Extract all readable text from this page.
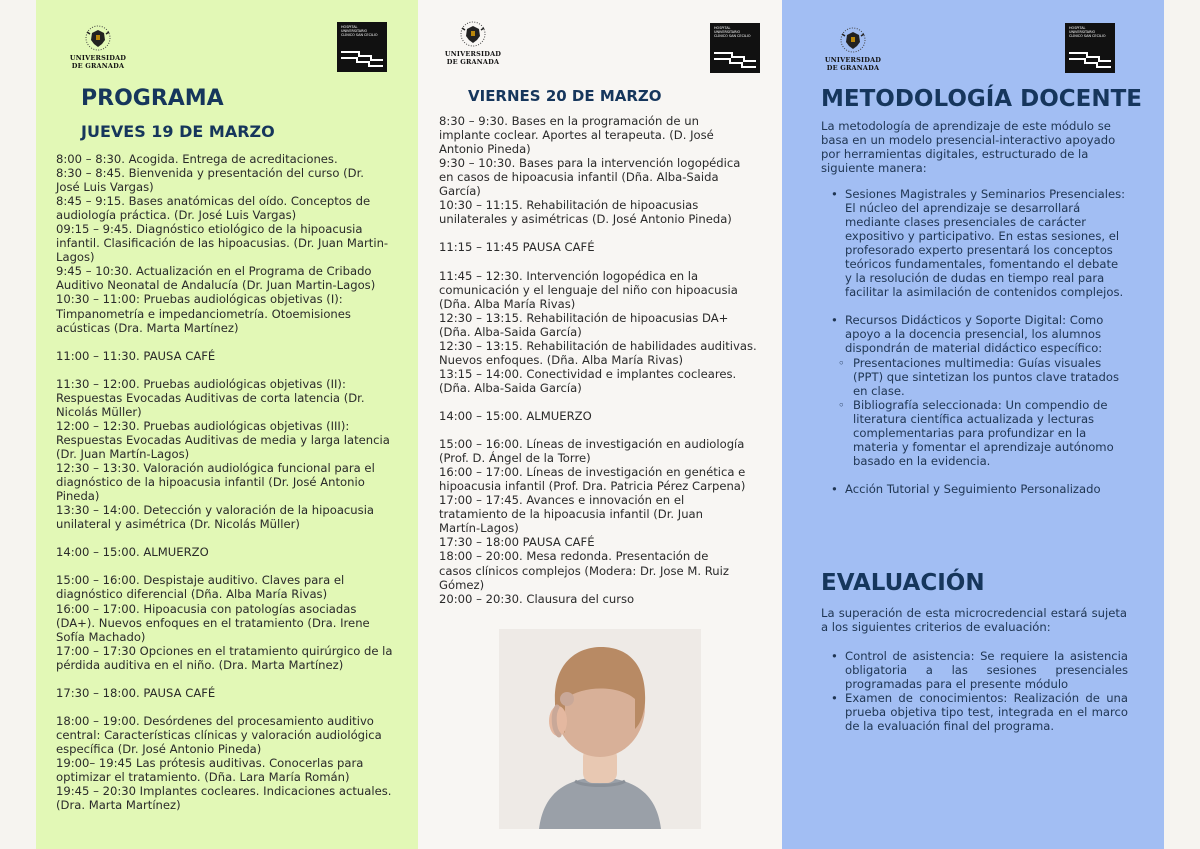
UNIVERSIDAD
DE GRANADA
HOSPITAL
UNIVERSITARIO
CLÍNICO SAN CECILIO
UNIVERSIDAD
DE GRANADA
HOSPITAL
UNIVERSITARIO
CLÍNICO SAN CECILIO
UNIVERSIDAD
DE GRANADA
HOSPITAL
UNIVERSITARIO
CLÍNICO SAN CECILIO
PROGRAMA
JUEVES 19 DE MARZO
8:00 – 8:30. Acogida. Entrega de acreditaciones.
8:30 – 8:45. Bienvenida y presentación del curso (Dr.
José Luis Vargas)
8:45 – 9:15. Bases anatómicas del oído. Conceptos de
audiología práctica. (Dr. José Luis Vargas)
09:15 – 9:45. Diagnóstico etiológico de la hipoacusia
infantil. Clasificación de las hipoacusias. (Dr. Juan Martin-
Lagos)
9:45 – 10:30. Actualización en el Programa de Cribado
Auditivo Neonatal de Andalucía (Dr. Juan Martin-Lagos)
10:30 – 11:00: Pruebas audiológicas objetivas (I):
Timpanometría e impedanciometría. Otoemisiones
acústicas (Dra. Marta Martínez)
11:00 – 11:30. PAUSA CAFÉ
11:30 – 12:00. Pruebas audiológicas objetivas (II):
Respuestas Evocadas Auditivas de corta latencia (Dr.
Nicolás Müller)
12:00 – 12:30. Pruebas audiológicas objetivas (III):
Respuestas Evocadas Auditivas de media y larga latencia
(Dr. Juan Martín-Lagos)
12:30 – 13:30. Valoración audiológica funcional para el
diagnóstico de la hipoacusia infantil (Dr. José Antonio
Pineda)
13:30 – 14:00. Detección y valoración de la hipoacusia
unilateral y asimétrica (Dr. Nicolás Müller)
14:00 – 15:00. ALMUERZO
15:00 – 16:00. Despistaje auditivo. Claves para el
diagnóstico diferencial (Dña. Alba María Rivas)
16:00 – 17:00. Hipoacusia con patologías asociadas
(DA+). Nuevos enfoques en el tratamiento (Dra. Irene
Sofía Machado)
17:00 – 17:30 Opciones en el tratamiento quirúrgico de la
pérdida auditiva en el niño. (Dra. Marta Martínez)
17:30 – 18:00. PAUSA CAFÉ
18:00 – 19:00. Desórdenes del procesamiento auditivo
central: Características clínicas y valoración audiológica
específica (Dr. José Antonio Pineda)
19:00– 19:45 Las prótesis auditivas. Conocerlas para
optimizar el tratamiento. (Dña. Lara María Román)
19:45 – 20:30 Implantes cocleares. Indicaciones actuales.
(Dra. Marta Martínez)
VIERNES 20 DE MARZO
8:30 – 9:30. Bases en la programación de un
implante coclear. Aportes al terapeuta. (D. José
Antonio Pineda)
9:30 – 10:30. Bases para la intervención logopédica
en casos de hipoacusia infantil (Dña. Alba-Saida
García)
10:30 – 11:15. Rehabilitación de hipoacusias
unilaterales y asimétricas (D. José Antonio Pineda)
11:15 – 11:45 PAUSA CAFÉ
11:45 – 12:30. Intervención logopédica en la
comunicación y el lenguaje del niño con hipoacusia
(Dña. Alba María Rivas)
12:30 – 13:15. Rehabilitación de hipoacusias DA+
(Dña. Alba-Saida García)
12:30 – 13:15. Rehabilitación de habilidades auditivas.
Nuevos enfoques. (Dña. Alba María Rivas)
13:15 – 14:00. Conectividad e implantes cocleares.
(Dña. Alba-Saida García)
14:00 – 15:00. ALMUERZO
15:00 – 16:00. Líneas de investigación en audiología
(Prof. D. Ángel de la Torre)
16:00 – 17:00. Líneas de investigación en genética e
hipoacusia infantil (Prof. Dra. Patricia Pérez Carpena)
17:00 – 17:45. Avances e innovación en el
tratamiento de la hipoacusia infantil (Dr. Juan
Martín-Lagos)
17:30 – 18:00 PAUSA CAFÉ
18:00 – 20:00. Mesa redonda. Presentación de
casos clínicos complejos (Modera: Dr. Jose M. Ruiz
Gómez)
20:00 – 20:30. Clausura del curso
METODOLOGÍA DOCENTE
La metodología de aprendizaje de este módulo se basa en un modelo presencial-interactivo apoyado por herramientas digitales, estructurado de la siguiente manera:
• Sesiones Magistrales y Seminarios Presenciales: El núcleo del aprendizaje se desarrollará mediante clases presenciales de carácter expositivo y participativo. En estas sesiones, el profesorado experto presentará los conceptos teóricos fundamentales, fomentando el debate y la resolución de dudas en tiempo real para facilitar la asimilación de contenidos complejos.
• Recursos Didácticos y Soporte Digital: Como apoyo a la docencia presencial, los alumnos dispondrán de material didáctico específico:
◦ Presentaciones multimedia: Guías visuales (PPT) que sintetizan los puntos clave tratados en clase.
◦ Bibliografía seleccionada: Un compendio de literatura científica actualizada y lecturas complementarias para profundizar en la materia y fomentar el aprendizaje autónomo basado en la evidencia.
• Acción Tutorial y Seguimiento Personalizado
EVALUACIÓN
La superación de esta microcredencial estará sujeta a los siguientes criterios de evaluación:
• Control de asistencia: Se requiere la asistencia obligatoria a las sesiones presenciales programadas para el presente módulo
• Examen de conocimientos: Realización de una prueba objetiva tipo test, integrada en el marco de la evaluación final del programa.
